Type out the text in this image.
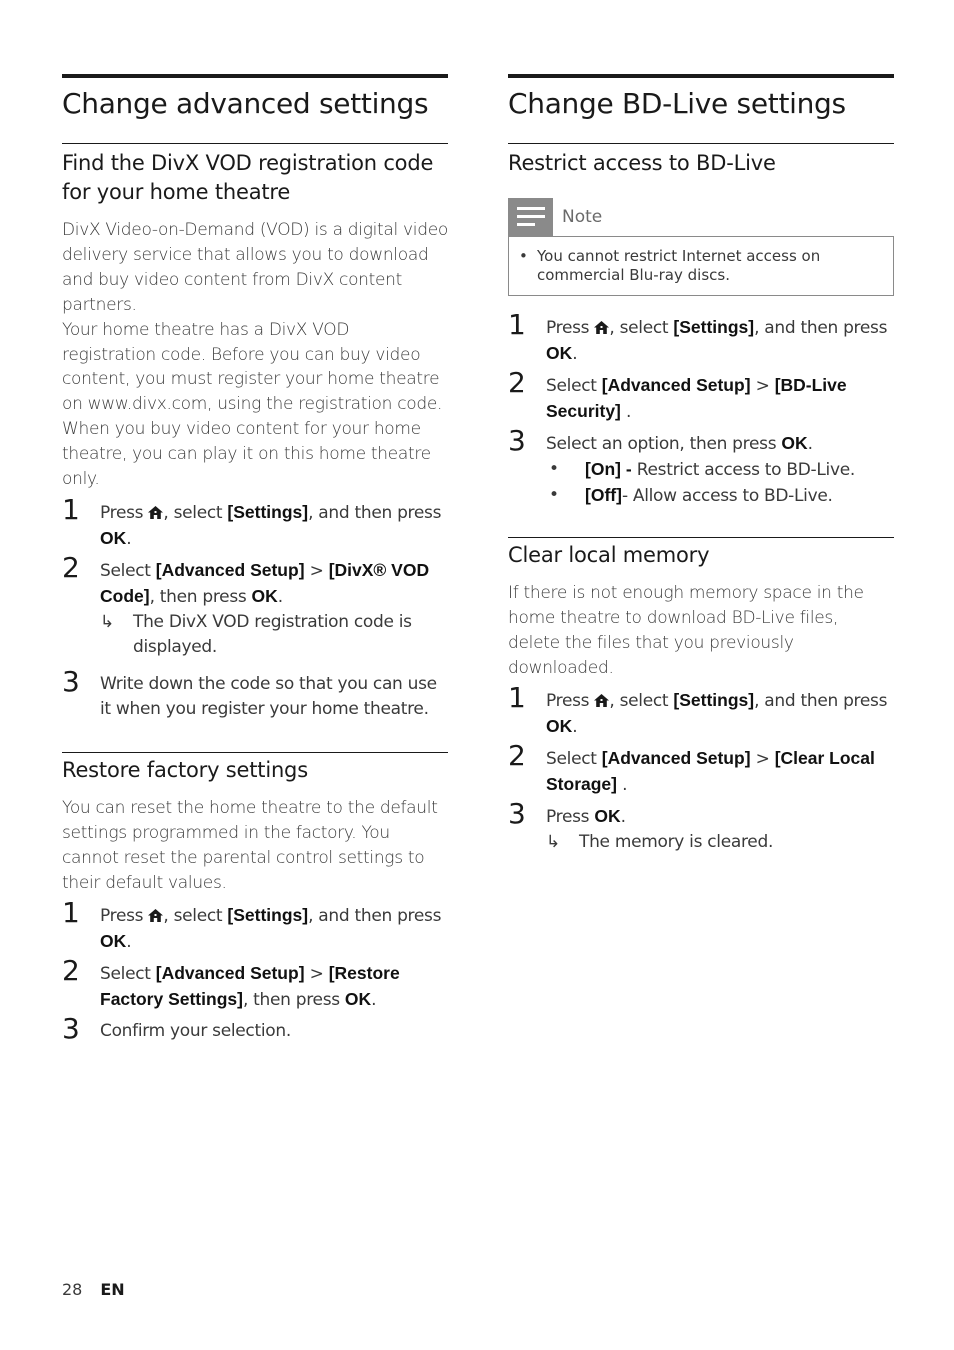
Change advanced settings
Find the DivX VOD registration code for your home theatre

DivX Video-on-Demand (VOD) is a digital video delivery service that allows you to download and buy video content from DivX content partners.

Your home theatre has a DivX VOD registration code. Before you can buy video content, you must register your home theatre on www.divx.com, using the registration code. When you buy video content for your home theatre, you can play it on this home theatre only.

1 Press , select [Settings], and then press OK.
2 Select [Advanced Setup] > [DivX® VOD Code], then press OK.
↳ The DivX VOD registration code is displayed.
3 Write down the code so that you can use it when you register your home theatre.
Restore factory settings

You can reset the home theatre to the default settings programmed in the factory. You cannot reset the parental control settings to their default values.

1 Press , select [Settings], and then press OK.
2 Select [Advanced Setup] > [Restore Factory Settings], then press OK.
3 Confirm your selection.
Change BD-Live settings
Restrict access to BD-Live
Note
• You cannot restrict Internet access on commercial Blu-ray discs.
1 Press , select [Settings], and then press OK.
2 Select [Advanced Setup] > [BD-Live Security] .
3 Select an option, then press OK.
• [On] - Restrict access to BD-Live.
• [Off]- Allow access to BD-Live.
Clear local memory

If there is not enough memory space in the home theatre to download BD-Live files, delete the files that you previously downloaded.

1 Press , select [Settings], and then press OK.
2 Select [Advanced Setup] > [Clear Local Storage] .
3 Press OK.
↳ The memory is cleared.
28 EN
